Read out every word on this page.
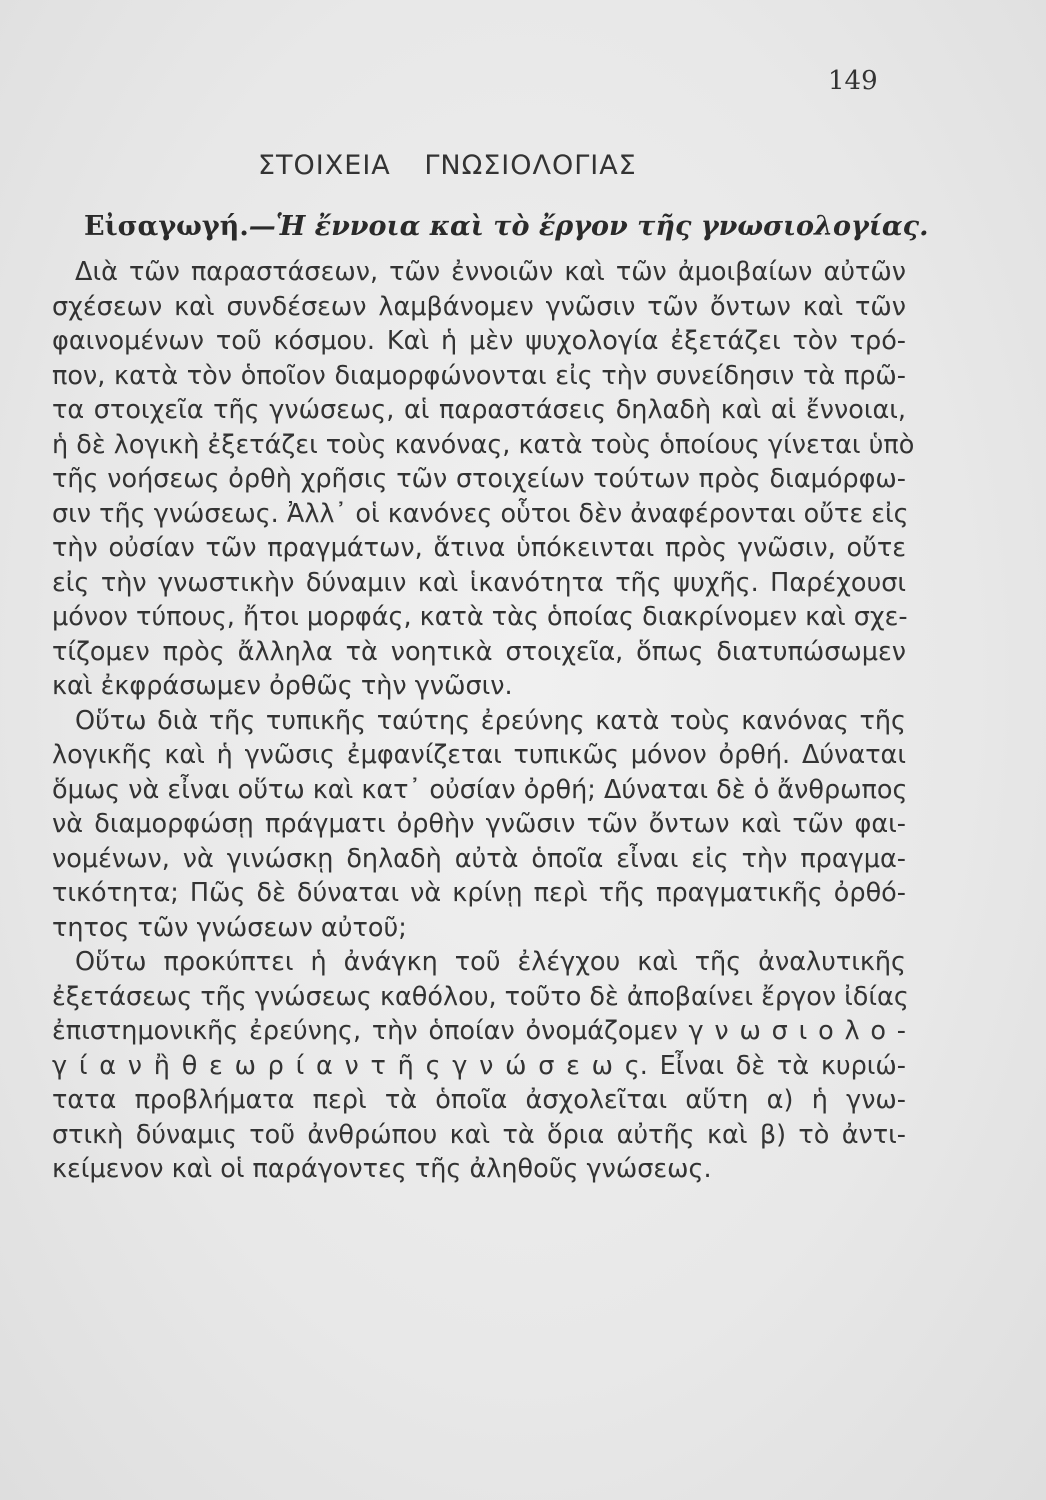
149
ΣΤΟΙΧΕΙΑ ΓΝΩΣΙΟΛΟΓΙΑΣ
Εἰσαγωγή.—Ἡ ἔννοια καὶ τὸ ἔργον τῆς γνωσιολογίας.
Διὰ τῶν παραστάσεων, τῶν ἐννοιῶν καὶ τῶν ἀμοιβαίων αὐτῶν
σχέσεων καὶ συνδέσεων λαμβάνομεν γνῶσιν τῶν ὄντων καὶ τῶν
φαινομένων τοῦ κόσμου. Καὶ ἡ μὲν ψυχολογία ἐξετάζει τὸν τρό-
πον, κατὰ τὸν ὁποῖον διαμορφώνονται εἰς τὴν συνείδησιν τὰ πρῶ-
τα στοιχεῖα τῆς γνώσεως, αἱ παραστάσεις δηλαδὴ καὶ αἱ ἔννοιαι,
ἡ δὲ λογικὴ ἐξετάζει τοὺς κανόνας, κατὰ τοὺς ὁποίους γίνεται ὑπὸ
τῆς νοήσεως ὀρθὴ χρῆσις τῶν στοιχείων τούτων πρὸς διαμόρφω-
σιν τῆς γνώσεως. Ἀλλ᾽ οἱ κανόνες οὗτοι δὲν ἀναφέρονται οὔτε εἰς
τὴν οὐσίαν τῶν πραγμάτων, ἅτινα ὑπόκεινται πρὸς γνῶσιν, οὔτε
εἰς τὴν γνωστικὴν δύναμιν καὶ ἱκανότητα τῆς ψυχῆς. Παρέχουσι
μόνον τύπους, ἤτοι μορφάς, κατὰ τὰς ὁποίας διακρίνομεν καὶ σχε-
τίζομεν πρὸς ἄλληλα τὰ νοητικὰ στοιχεῖα, ὅπως διατυπώσωμεν
καὶ ἐκφράσωμεν ὀρθῶς τὴν γνῶσιν.
Οὕτω διὰ τῆς τυπικῆς ταύτης ἐρεύνης κατὰ τοὺς κανόνας τῆς
λογικῆς καὶ ἡ γνῶσις ἐμφανίζεται τυπικῶς μόνον ὀρθή. Δύναται
ὅμως νὰ εἶναι οὕτω καὶ κατ᾽ οὐσίαν ὀρθή; Δύναται δὲ ὁ ἄνθρωπος
νὰ διαμορφώσῃ πράγματι ὀρθὴν γνῶσιν τῶν ὄντων καὶ τῶν φαι-
νομένων, νὰ γινώσκῃ δηλαδὴ αὐτὰ ὁποῖα εἶναι εἰς τὴν πραγμα-
τικότητα; Πῶς δὲ δύναται νὰ κρίνῃ περὶ τῆς πραγματικῆς ὀρθό-
τητος τῶν γνώσεων αὐτοῦ;
Οὕτω προκύπτει ἡ ἀνάγκη τοῦ ἐλέγχου καὶ τῆς ἀναλυτικῆς
ἐξετάσεως τῆς γνώσεως καθόλου, τοῦτο δὲ ἀποβαίνει ἔργον ἰδίας
ἐπιστημονικῆς ἐρεύνης, τὴν ὁποίαν ὀνομάζομεν γ ν ω σ ι ο λ ο -
γ ί α ν ἢ θ ε ω ρ ί α ν τ ῆ ς γ ν ώ σ ε ω ς. Εἶναι δὲ τὰ κυριώ-
τατα προβλήματα περὶ τὰ ὁποῖα ἀσχολεῖται αὕτη α) ἡ γνω-
στικὴ δύναμις τοῦ ἀνθρώπου καὶ τὰ ὅρια αὐτῆς καὶ β) τὸ ἀντι-
κείμενον καὶ οἱ παράγοντες τῆς ἀληθοῦς γνώσεως.
